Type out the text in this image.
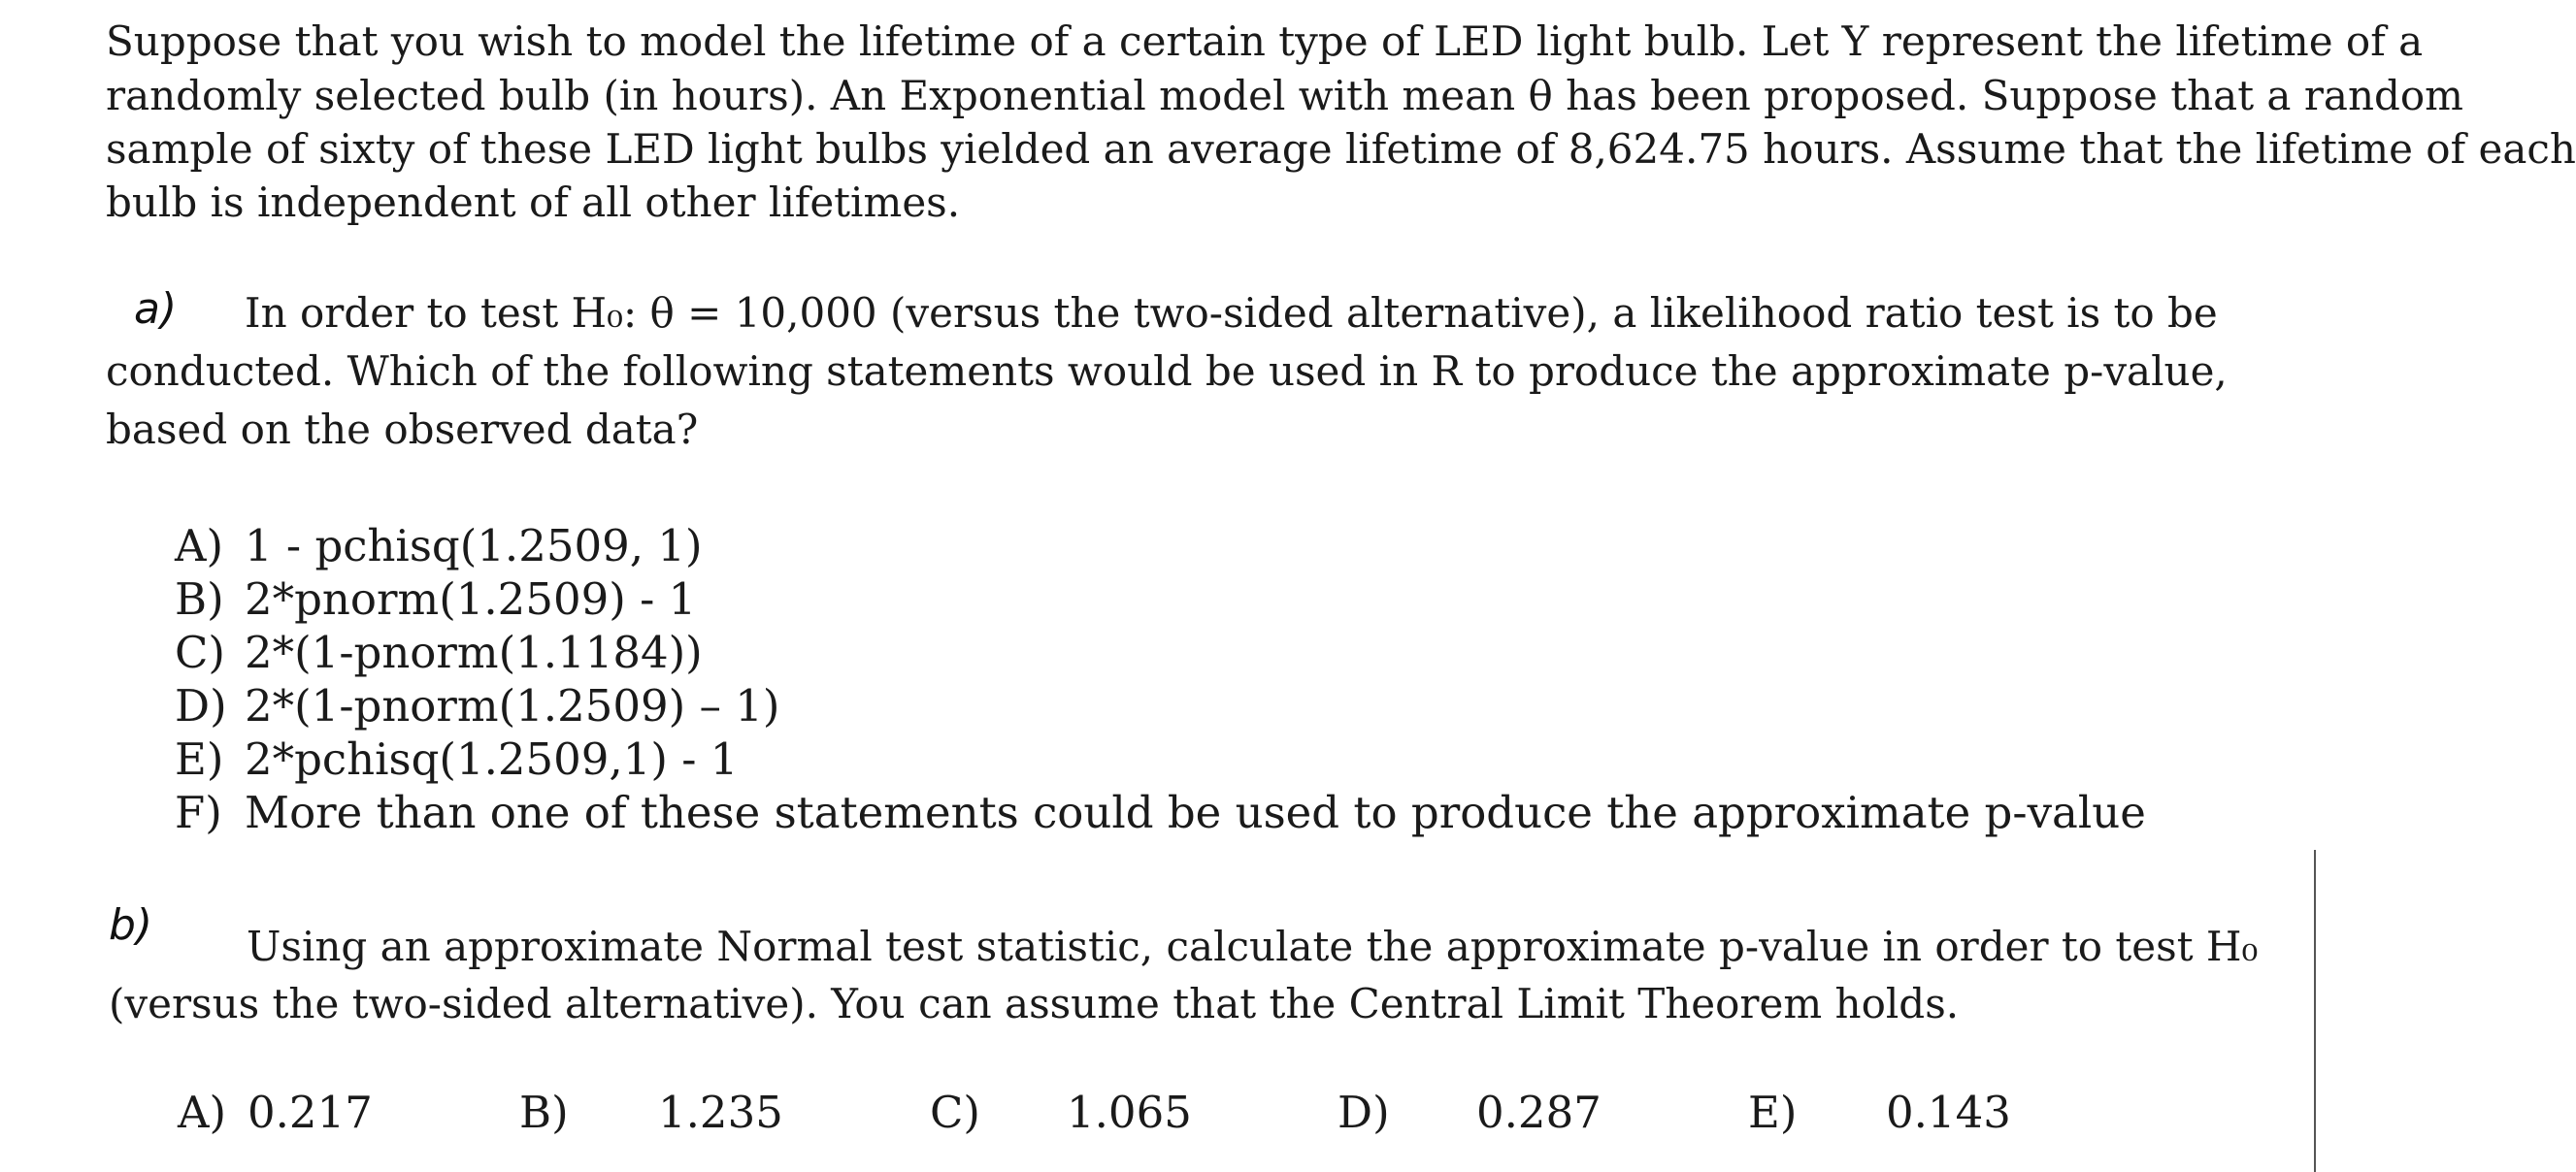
Suppose that you wish to model the lifetime of a certain type of LED light bulb. Let Y represent the lifetime of a
randomly selected bulb (in hours). An Exponential model with mean θ has been proposed. Suppose that a random
sample of sixty of these LED light bulbs yielded an average lifetime of 8,624.75 hours. Assume that the lifetime of each
bulb is independent of all other lifetimes.
a) In order to test H₀: θ = 10,000 (versus the two-sided alternative), a likelihood ratio test is to be
conducted. Which of the following statements would be used in R to produce the approximate p-value,
based on the observed data?
A) 1 - pchisq(1.2509, 1)
B) 2*pnorm(1.2509) - 1
C) 2*(1-pnorm(1.1184))
D) 2*(1-pnorm(1.2509) – 1)
E) 2*pchisq(1.2509,1) - 1
F) More than one of these statements could be used to produce the approximate p-value
b) Using an approximate Normal test statistic, calculate the approximate p-value in order to test H₀
(versus the two-sided alternative). You can assume that the Central Limit Theorem holds.
A) 0.217	B) 1.235	C) 1.065	D) 0.287	E) 0.143
